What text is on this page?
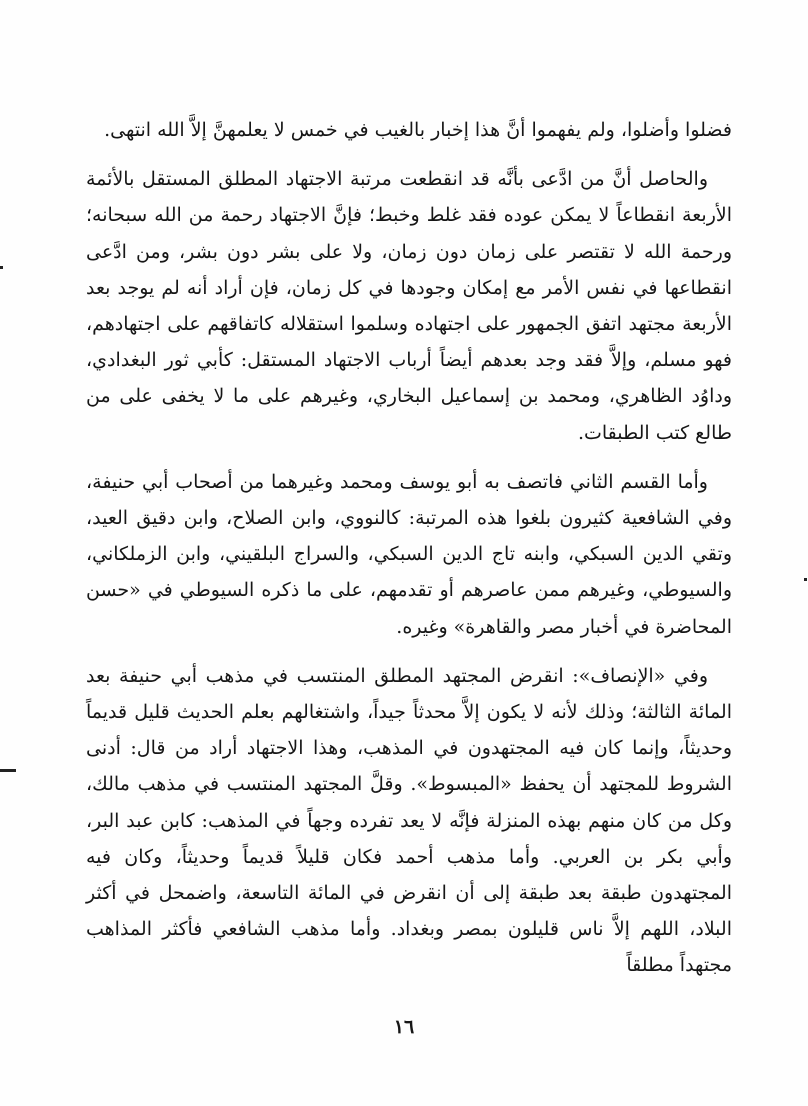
فضلوا وأضلوا، ولم يفهموا أنَّ هذا إخبار بالغيب في خمس لا يعلمهنَّ إلاَّ الله انتهى.

والحاصل أنَّ من ادَّعى بأنَّه قد انقطعت مرتبة الاجتهاد المطلق المستقل بالأئمة الأربعة انقطاعاً لا يمكن عوده فقد غلط وخبط؛ فإنَّ الاجتهاد رحمة من الله سبحانه؛ ورحمة الله لا تقتصر على زمان دون زمان، ولا على بشر دون بشر، ومن ادَّعى انقطاعها في نفس الأمر مع إمكان وجودها في كل زمان، فإن أراد أنه لم يوجد بعد الأربعة مجتهد اتفق الجمهور على اجتهاده وسلموا استقلاله كاتفاقهم على اجتهادهم، فهو مسلم، وإلاَّ فقد وجد بعدهم أيضاً أرباب الاجتهاد المستقل: كأبي ثور البغدادي، وداوُد الظاهري، ومحمد بن إسماعيل البخاري، وغيرهم على ما لا يخفى على من طالع كتب الطبقات.

وأما القسم الثاني فاتصف به أبو يوسف ومحمد وغيرهما من أصحاب أبي حنيفة، وفي الشافعية كثيرون بلغوا هذه المرتبة: كالنووي، وابن الصلاح، وابن دقيق العيد، وتقي الدين السبكي، وابنه تاج الدين السبكي، والسراج البلقيني، وابن الزملكاني، والسيوطي، وغيرهم ممن عاصرهم أو تقدمهم، على ما ذكره السيوطي في «حسن المحاضرة في أخبار مصر والقاهرة» وغيره.

وفي «الإنصاف»: انقرض المجتهد المطلق المنتسب في مذهب أبي حنيفة بعد المائة الثالثة؛ وذلك لأنه لا يكون إلاَّ محدثاً جيداً، واشتغالهم بعلم الحديث قليل قديماً وحديثاً، وإنما كان فيه المجتهدون في المذهب، وهذا الاجتهاد أراد من قال: أدنى الشروط للمجتهد أن يحفظ «المبسوط». وقلَّ المجتهد المنتسب في مذهب مالك، وكل من كان منهم بهذه المنزلة فإنَّه لا يعد تفرده وجهاً في المذهب: كابن عبد البر، وأبي بكر بن العربي. وأما مذهب أحمد فكان قليلاً قديماً وحديثاً، وكان فيه المجتهدون طبقة بعد طبقة إلى أن انقرض في المائة التاسعة، واضمحل في أكثر البلاد، اللهم إلاَّ ناس قليلون بمصر وبغداد. وأما مذهب الشافعي فأكثر المذاهب مجتهداً مطلقاً

١٦
